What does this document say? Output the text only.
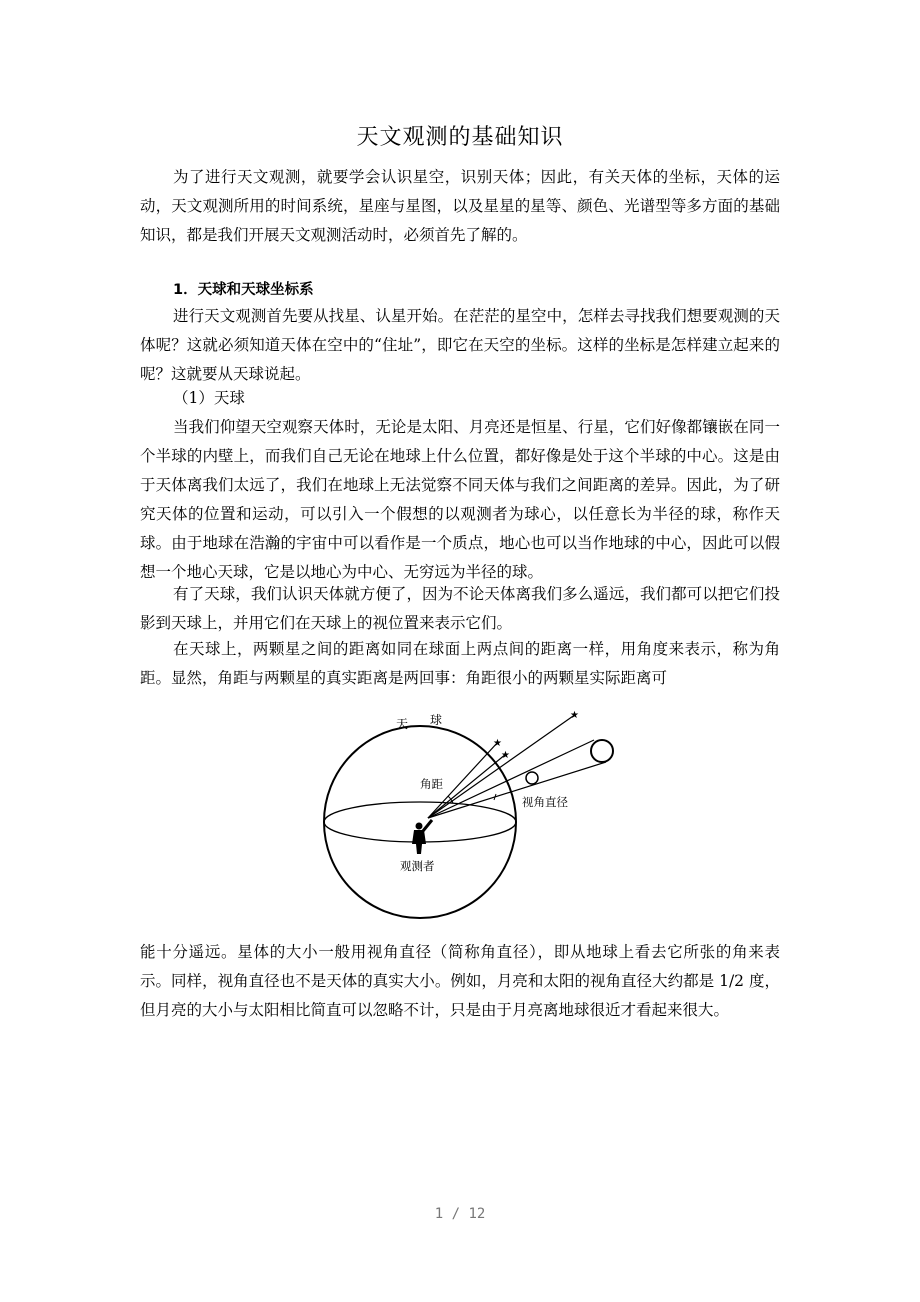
天文观测的基础知识

为了进行天文观测，就要学会认识星空，识别天体；因此，有关天体的坐标，天体的运动，天文观测所用的时间系统，星座与星图，以及星星的星等、颜色、光谱型等多方面的基础知识，都是我们开展天文观测活动时，必须首先了解的。

1．天球和天球坐标系

进行天文观测首先要从找星、认星开始。在茫茫的星空中，怎样去寻找我们想要观测的天体呢？这就必须知道天体在空中的“住址”，即它在天空的坐标。这样的坐标是怎样建立起来的呢？这就要从天球说起。

（1）天球

当我们仰望天空观察天体时，无论是太阳、月亮还是恒星、行星，它们好像都镶嵌在同一个半球的内壁上，而我们自己无论在地球上什么位置，都好像是处于这个半球的中心。这是由于天体离我们太远了，我们在地球上无法觉察不同天体与我们之间距离的差异。因此，为了研究天体的位置和运动，可以引入一个假想的以观测者为球心，以任意长为半径的球，称作天球。由于地球在浩瀚的宇宙中可以看作是一个质点，地心也可以当作地球的中心，因此可以假想一个地心天球，它是以地心为中心、无穷远为半径的球。

有了天球，我们认识天体就方便了，因为不论天体离我们多么遥远，我们都可以把它们投影到天球上，并用它们在天球上的视位置来表示它们。

在天球上，两颗星之间的距离如同在球面上两点间的距离一样，用角度来表示，称为角距。显然，角距与两颗星的真实距离是两回事：角距很小的两颗星实际距离可

★
★
★
天 球
角距
视角直径
观测者

能十分遥远。星体的大小一般用视角直径（简称角直径），即从地球上看去它所张的角来表示。同样，视角直径也不是天体的真实大小。例如，月亮和太阳的视角直径大约都是 1/2 度，但月亮的大小与太阳相比简直可以忽略不计，只是由于月亮离地球很近才看起来很大。

1 / 12
